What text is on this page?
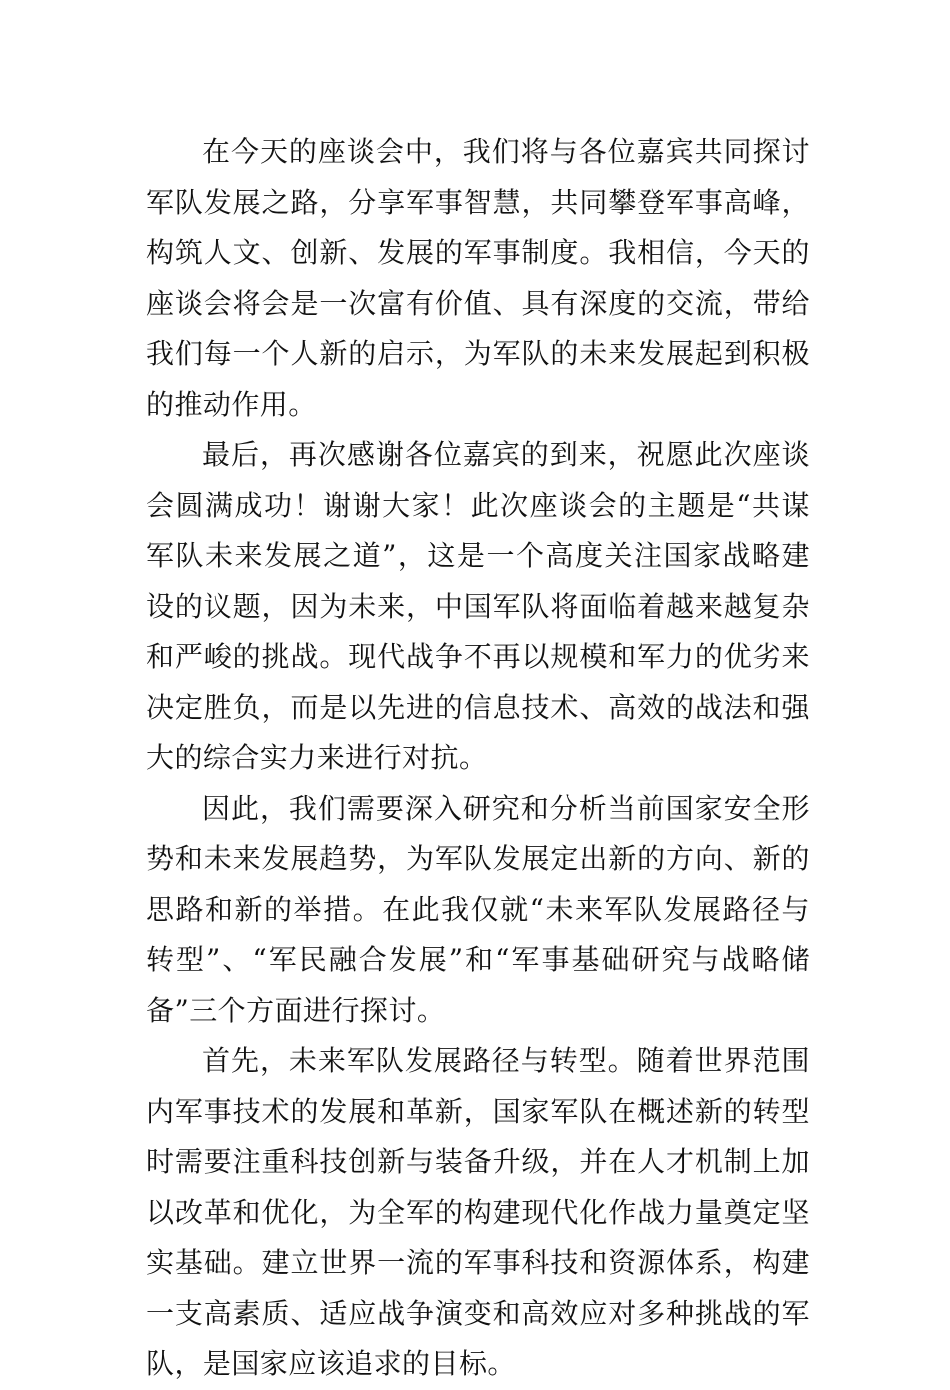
在今天的座谈会中，我们将与各位嘉宾共同探讨军队发展之路，分享军事智慧，共同攀登军事高峰，构筑人文、创新、发展的军事制度。我相信，今天的座谈会将会是一次富有价值、具有深度的交流，带给我们每一个人新的启示，为军队的未来发展起到积极的推动作用。

最后，再次感谢各位嘉宾的到来，祝愿此次座谈会圆满成功！谢谢大家！此次座谈会的主题是“共谋军队未来发展之道”，这是一个高度关注国家战略建设的议题，因为未来，中国军队将面临着越来越复杂和严峻的挑战。现代战争不再以规模和军力的优劣来决定胜负，而是以先进的信息技术、高效的战法和强大的综合实力来进行对抗。

因此，我们需要深入研究和分析当前国家安全形势和未来发展趋势，为军队发展定出新的方向、新的思路和新的举措。在此我仅就“未来军队发展路径与转型”、“军民融合发展”和“军事基础研究与战略储备”三个方面进行探讨。

首先，未来军队发展路径与转型。随着世界范围内军事技术的发展和革新，国家军队在概述新的转型时需要注重科技创新与装备升级，并在人才机制上加以改革和优化，为全军的构建现代化作战力量奠定坚实基础。建立世界一流的军事科技和资源体系，构建一支高素质、适应战争演变和高效应对多种挑战的军队，是国家应该追求的目标。
